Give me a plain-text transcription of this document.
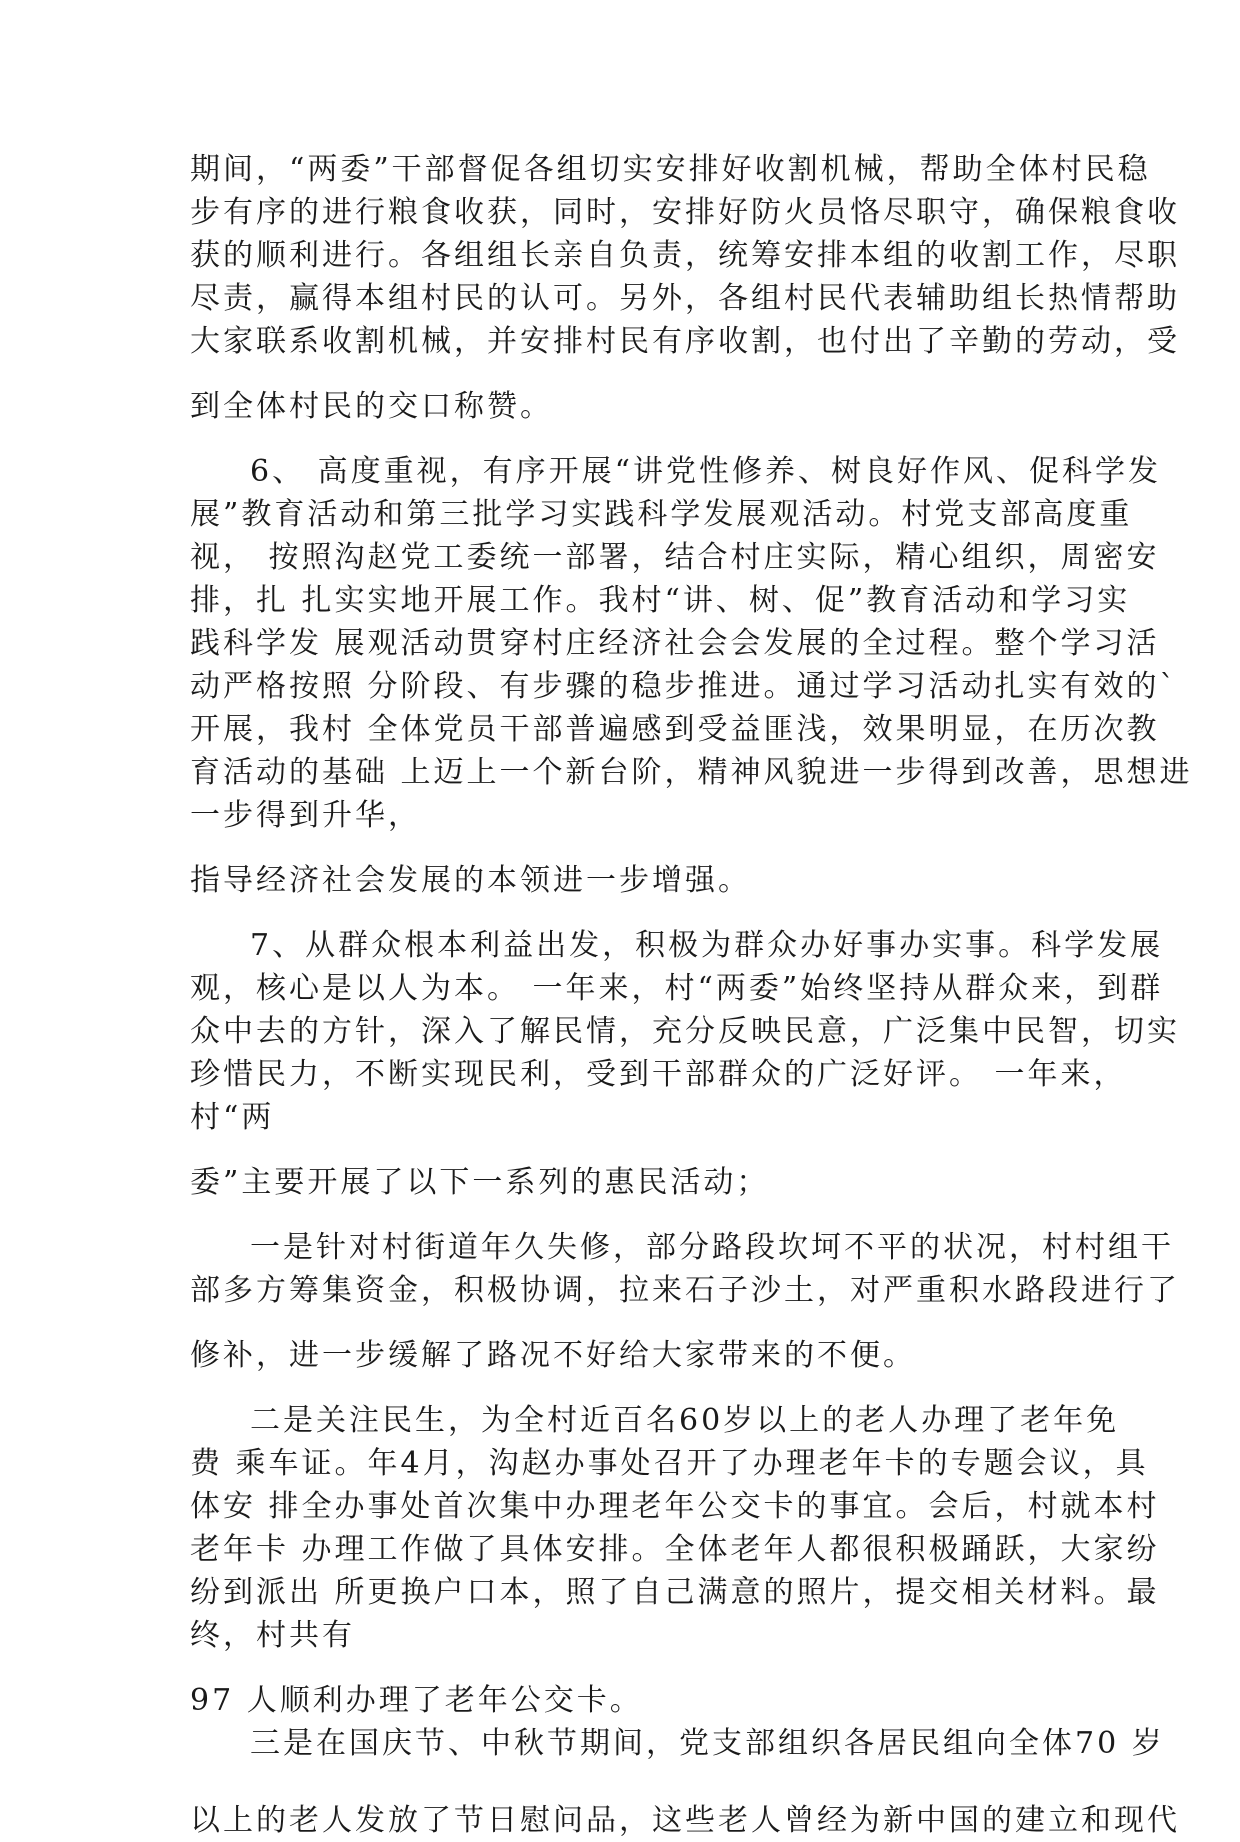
期间，“两委”干部督促各组切实安排好收割机械，帮助全体村民稳
步有序的进行粮食收获，同时，安排好防火员恪尽职守，确保粮食收
获的顺利进行。各组组长亲自负责，统筹安排本组的收割工作，尽职
尽责，赢得本组村民的认可。另外，各组村民代表辅助组长热情帮助
大家联系收割机械，并安排村民有序收割，也付出了辛勤的劳动，受
到全体村民的交口称赞。
6、 高度重视，有序开展“讲党性修养、树良好作风、促科学发
展”教育活动和第三批学习实践科学发展观活动。村党支部高度重
视， 按照沟赵党工委统一部署，结合村庄实际，精心组织，周密安
排，扎 扎实实地开展工作。我村“讲、树、促”教育活动和学习实
践科学发 展观活动贯穿村庄经济社会会发展的全过程。整个学习活
动严格按照 分阶段、有步骤的稳步推进。通过学习活动扎实有效的`
开展，我村 全体党员干部普遍感到受益匪浅，效果明显，在历次教
育活动的基础 上迈上一个新台阶，精神风貌进一步得到改善，思想进
一步得到升华，
指导经济社会发展的本领进一步增强。
7、从群众根本利益出发，积极为群众办好事办实事。科学发展
观，核心是以人为本。 一年来，村“两委”始终坚持从群众来，到群
众中去的方针，深入了解民情，充分反映民意，广泛集中民智，切实
珍惜民力，不断实现民利，受到干部群众的广泛好评。 一年来，
村“两
委”主要开展了以下一系列的惠民活动；
一是针对村街道年久失修，部分路段坎坷不平的状况，村村组干
部多方筹集资金，积极协调，拉来石子沙土，对严重积水路段进行了
修补，进一步缓解了路况不好给大家带来的不便。
二是关注民生，为全村近百名60岁以上的老人办理了老年免
费 乘车证。年4月，沟赵办事处召开了办理老年卡的专题会议，具
体安 排全办事处首次集中办理老年公交卡的事宜。会后，村就本村
老年卡 办理工作做了具体安排。全体老年人都很积极踊跃，大家纷
纷到派出 所更换户口本，照了自己满意的照片，提交相关材料。最
终，村共有
97 人顺利办理了老年公交卡。
三是在国庆节、中秋节期间，党支部组织各居民组向全体70 岁
以上的老人发放了节日慰问品，这些老人曾经为新中国的建立和现代
